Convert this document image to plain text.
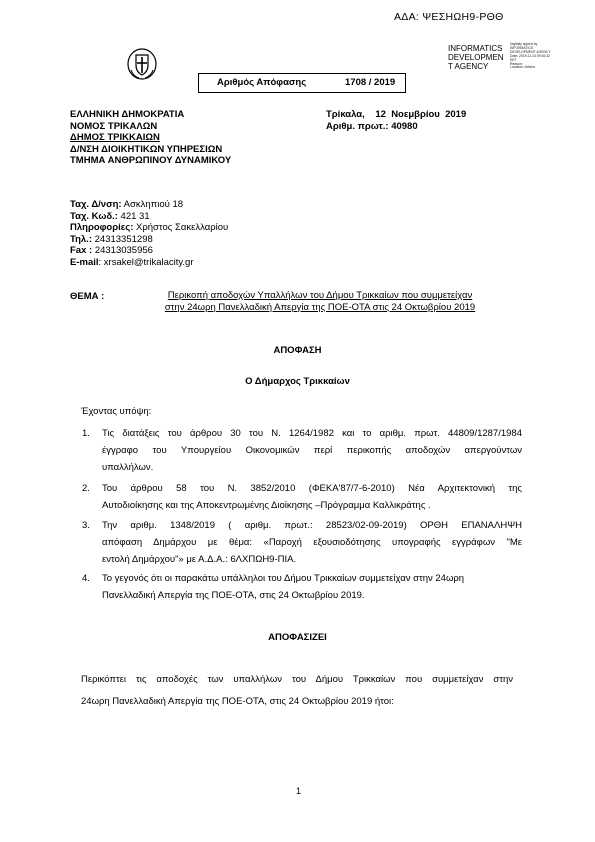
ΑΔΑ: ΨΕΣΗΩΗ9-ΡΘΘ
Αριθμός Απόφασης	1708 / 2019
INFORMATICS
DEVELOPMEN
T AGENCY
Digitally signed by
INFORMATICS
DEVELOPMENT AGENCY
Date: 2019.11.13 09:45:32
EET
Reason:
Location: Athens
ΕΛΛΗΝΙΚΗ ΔΗΜΟΚΡΑΤΙΑ
ΝΟΜΟΣ ΤΡΙΚΑΛΩΝ
ΔΗΜΟΣ ΤΡΙΚΚΑΙΩΝ
Δ/ΝΣΗ ΔΙΟΙΚΗΤΙΚΩΝ ΥΠΗΡΕΣΙΩΝ
ΤΜΗΜΑ ΑΝΘΡΩΠΙΝΟΥ ΔΥΝΑΜΙΚΟΥ
Τρίκαλα,    12  Νοεμβρίου  2019
Αριθμ. πρωτ.: 40980
Ταχ. Δ/νση: Ασκληπιού 18
Ταχ. Κωδ.: 421 31
Πληροφορίες: Χρήστος Σακελλαρίου
Τηλ.: 24313351298
Fax : 24313035956
E-mail: xrsakel@trikalacity.gr
ΘΕΜΑ :	Περικοπή αποδοχών Υπαλλήλων του Δήμου Τρικκαίων που συμμετείχαν
στην 24ωρη Πανελλαδική Απεργία της ΠΟΕ-ΟΤΑ στις 24 Οκτωβρίου 2019
ΑΠΟΦΑΣΗ
Ο Δήμαρχος Τρικκαίων
Έχοντας υπόψη:
1. Τις διατάξεις του άρθρου 30 του Ν. 1264/1982 και το αριθμ. πρωτ. 44809/1287/1984
έγγραφο του Υπουργείου Οικονομικών περί περικοπής αποδοχών απεργούντων
υπαλλήλων.
2. Του άρθρου 58 του Ν. 3852/2010 (ΦΕΚΑ'87/7-6-2010) Νέα Αρχιτεκτονική της
Αυτοδιοίκησης και της Αποκεντρωμένης Διοίκησης –Πρόγραμμα Καλλικράτης .
3. Την αριθμ. 1348/2019 ( αριθμ. πρωτ.: 28523/02-09-2019) ΟΡΘΗ ΕΠΑΝΑΛΗΨΗ
απόφαση Δημάρχου με θέμα: «Παροχή εξουσιοδότησης υπογραφής εγγράφων "Με
εντολή Δημάρχου"» με Α.Δ.Α.: 6ΛΧΠΩΗ9-ΠΙΑ.
4. Το γεγονός ότι οι παρακάτω υπάλληλοι του Δήμου Τρικκαίων συμμετείχαν στην 24ωρη
Πανελλαδική Απεργία της ΠΟΕ-ΟΤΑ, στις 24 Οκτωβρίου 2019.
ΑΠΟΦΑΣΙΖΕΙ
Περικόπτει τις αποδοχές των υπαλλήλων του Δήμου Τρικκαίων που συμμετείχαν στην
24ωρη Πανελλαδική Απεργία της ΠΟΕ-ΟΤΑ, στις 24 Οκτωβρίου 2019 ήτοι:
1
